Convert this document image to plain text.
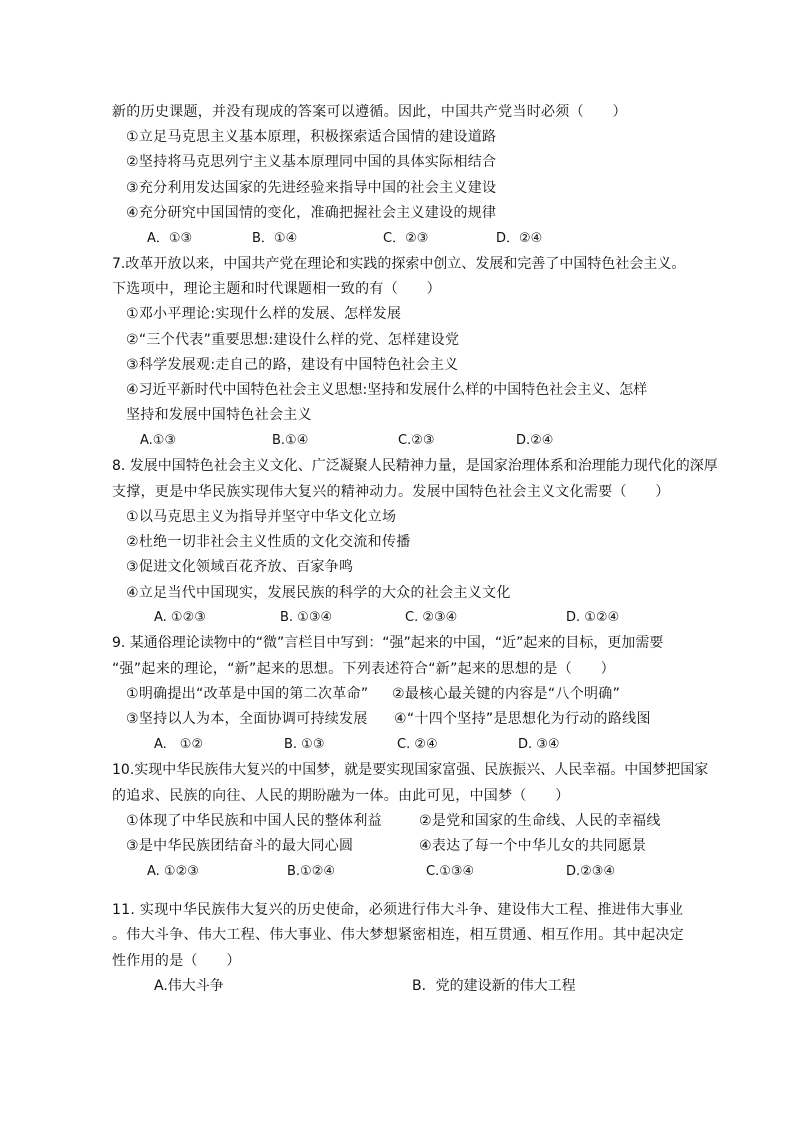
新的历史课题，并没有现成的答案可以遵循。因此，中国共产党当时必须（　　）
①立足马克思主义基本原理，积极探索适合国情的建设道路
②坚持将马克思列宁主义基本原理同中国的具体实际相结合
③充分利用发达国家的先进经验来指导中国的社会主义建设
④充分研究中国国情的变化，准确把握社会主义建设的规律
A．①③	B．①④	C．②③	D．②④
7.改革开放以来，中国共产党在理论和实践的探索中创立、发展和完善了中国特色社会主义。
下选项中，理论主题和时代课题相一致的有（　　）
①邓小平理论:实现什么样的发展、怎样发展
②“三个代表”重要思想:建设什么样的党、怎样建设党
③科学发展观:走自己的路，建设有中国特色社会主义
④习近平新时代中国特色社会主义思想:坚持和发展什么样的中国特色社会主义、怎样
坚持和发展中国特色社会主义
A.①③	B.①④	C.②③	D.②④
8. 发展中国特色社会主义文化、广泛凝聚人民精神力量，是国家治理体系和治理能力现代化的深厚
支撑，更是中华民族实现伟大复兴的精神动力。发展中国特色社会主义文化需要（　　）
①以马克思主义为指导并坚守中华文化立场
②杜绝一切非社会主义性质的文化交流和传播
③促进文化领域百花齐放、百家争鸣
④立足当代中国现实，发展民族的科学的大众的社会主义文化
A. ①②③	B. ①③④	C. ②③④	D. ①②④
9. 某通俗理论读物中的“微”言栏目中写到：“强”起来的中国，“近”起来的目标，更加需要
“强”起来的理论，“新”起来的思想。下列表述符合“新”起来的思想的是（　　）
①明确提出“改革是中国的第二次革命” ②最核心最关键的内容是“八个明确”
③坚持以人为本，全面协调可持续发展 ④“十四个坚持”是思想化为行动的路线图
A.　①②	B. ①③	C. ②④	D. ③④
10.实现中华民族伟大复兴的中国梦，就是要实现国家富强、民族振兴、人民幸福。中国梦把国家
的追求、民族的向往、人民的期盼融为一体。由此可见，中国梦（　　）
①体现了中华民族和中国人民的整体利益	②是党和国家的生命线、人民的幸福线
③是中华民族团结奋斗的最大同心圆	④表达了每一个中华儿女的共同愿景
A. ①②③	B.①②④	C.①③④	D.②③④
11. 实现中华民族伟大复兴的历史使命，必须进行伟大斗争、建设伟大工程、推进伟大事业
。伟大斗争、伟大工程、伟大事业、伟大梦想紧密相连，相互贯通、相互作用。其中起决定
性作用的是（　　）
A.伟大斗争	B．党的建设新的伟大工程
